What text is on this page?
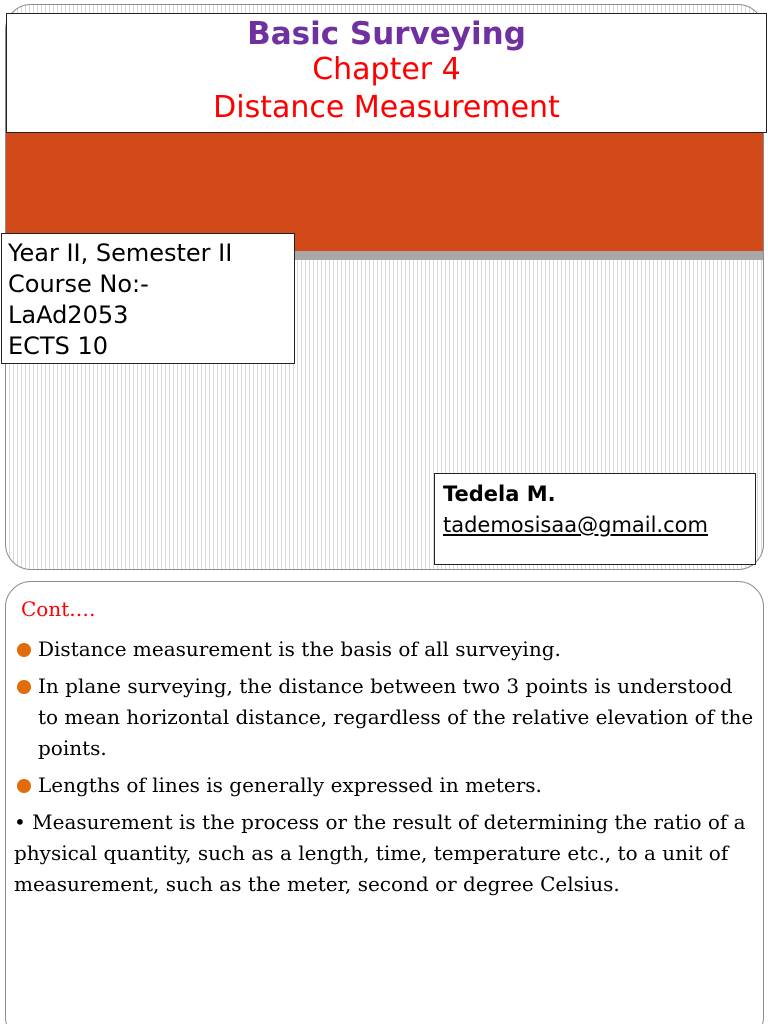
Basic Surveying
Chapter 4
Distance Measurement
Year II, Semester II
Course No:-
LaAd2053
ECTS 10
Tedela M.
tademosisaa@gmail.com
Cont.…
Distance measurement is the basis of all surveying.
In plane surveying, the distance between two 3 points is understood to mean horizontal distance, regardless of the relative elevation of the points.
Lengths of lines is generally expressed in meters.
• Measurement is the process or the result of determining the ratio of a physical quantity, such as a length, time, temperature etc., to a unit of measurement, such as the meter, second or degree Celsius.
